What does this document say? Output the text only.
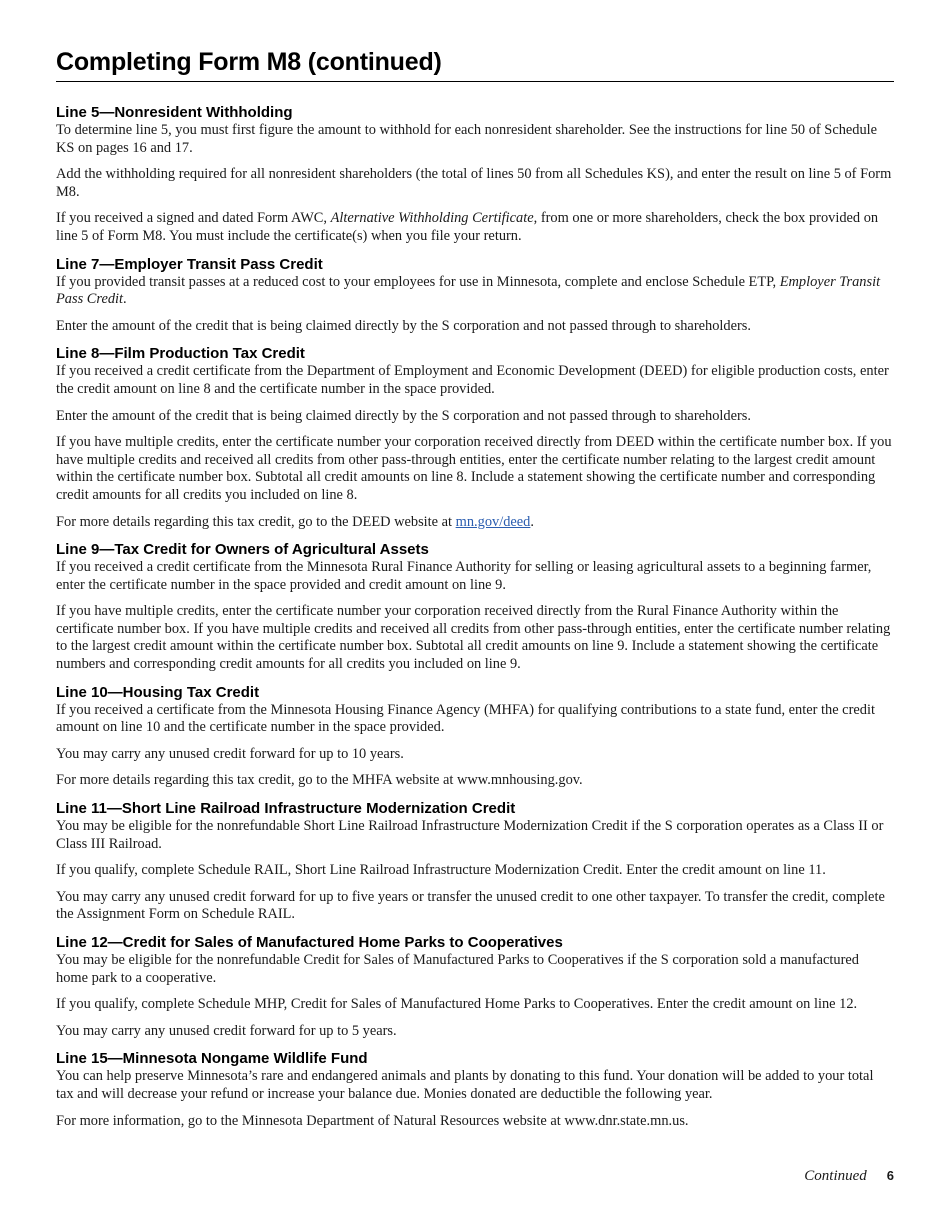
Completing Form M8 (continued)
Line 5—Nonresident Withholding

To determine line 5, you must first figure the amount to withhold for each nonresident shareholder. See the instructions for line 50 of Schedule KS on pages 16 and 17.

Add the withholding required for all nonresident shareholders (the total of lines 50 from all Schedules KS), and enter the result on line 5 of Form M8.

If you received a signed and dated Form AWC, Alternative Withholding Certificate, from one or more shareholders, check the box provided on line 5 of Form M8. You must include the certificate(s) when you file your return.

Line 7—Employer Transit Pass Credit

If you provided transit passes at a reduced cost to your employees for use in Minnesota, complete and enclose Schedule ETP, Employer Transit Pass Credit.

Enter the amount of the credit that is being claimed directly by the S corporation and not passed through to shareholders.

Line 8—Film Production Tax Credit

If you received a credit certificate from the Department of Employment and Economic Development (DEED) for eligible production costs, enter the credit amount on line 8 and the certificate number in the space provided.

Enter the amount of the credit that is being claimed directly by the S corporation and not passed through to shareholders.

If you have multiple credits, enter the certificate number your corporation received directly from DEED within the certificate number box. If you have multiple credits and received all credits from other pass-through entities, enter the certificate number relating to the largest credit amount within the certificate number box. Subtotal all credit amounts on line 8. Include a statement showing the certificate number and corresponding credit amounts for all credits you included on line 8.

For more details regarding this tax credit, go to the DEED website at mn.gov/deed.

Line 9—Tax Credit for Owners of Agricultural Assets

If you received a credit certificate from the Minnesota Rural Finance Authority for selling or leasing agricultural assets to a beginning farmer, enter the certificate number in the space provided and credit amount on line 9.

If you have multiple credits, enter the certificate number your corporation received directly from the Rural Finance Authority within the certificate number box. If you have multiple credits and received all credits from other pass-through entities, enter the certificate number relating to the largest credit amount within the certificate number box. Subtotal all credit amounts on line 9. Include a statement showing the certificate numbers and corresponding credit amounts for all credits you included on line 9.

Line 10—Housing Tax Credit

If you received a certificate from the Minnesota Housing Finance Agency (MHFA) for qualifying contributions to a state fund, enter the credit amount on line 10 and the certificate number in the space provided.

You may carry any unused credit forward for up to 10 years.

For more details regarding this tax credit, go to the MHFA website at www.mnhousing.gov.

Line 11—Short Line Railroad Infrastructure Modernization Credit

You may be eligible for the nonrefundable Short Line Railroad Infrastructure Modernization Credit if the S corporation operates as a Class II or Class III Railroad.

If you qualify, complete Schedule RAIL, Short Line Railroad Infrastructure Modernization Credit. Enter the credit amount on line 11.

You may carry any unused credit forward for up to five years or transfer the unused credit to one other taxpayer. To transfer the credit, complete the Assignment Form on Schedule RAIL.

Line 12—Credit for Sales of Manufactured Home Parks to Cooperatives

You may be eligible for the nonrefundable Credit for Sales of Manufactured Parks to Cooperatives if the S corporation sold a manufactured home park to a cooperative.

If you qualify, complete Schedule MHP, Credit for Sales of Manufactured Home Parks to Cooperatives. Enter the credit amount on line 12.

You may carry any unused credit forward for up to 5 years.

Line 15—Minnesota Nongame Wildlife Fund

You can help preserve Minnesota’s rare and endangered animals and plants by donating to this fund. Your donation will be added to your total tax and will decrease your refund or increase your balance due. Monies donated are deductible the following year.

For more information, go to the Minnesota Department of Natural Resources website at www.dnr.state.mn.us.

Continued 6
